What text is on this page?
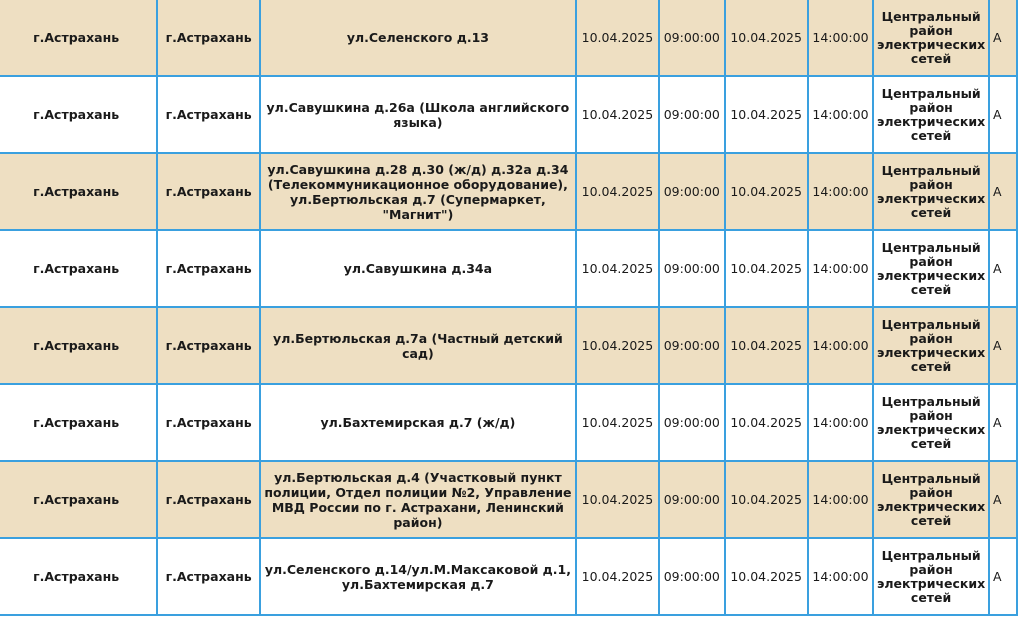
г.Астрахань	г.Астрахань	ул.Селенского д.13	10.04.2025	09:00:00	10.04.2025	14:00:00	Центральный район электрических сетей	А
г.Астрахань	г.Астрахань	ул.Савушкина д.26а (Школа английского языка)	10.04.2025	09:00:00	10.04.2025	14:00:00	Центральный район электрических сетей	А
г.Астрахань	г.Астрахань	ул.Савушкина д.28 д.30 (ж/д) д.32а д.34 (Телекоммуникационное оборудование), ул.Бертюльская д.7 (Супермаркет, "Магнит")	10.04.2025	09:00:00	10.04.2025	14:00:00	Центральный район электрических сетей	А
г.Астрахань	г.Астрахань	ул.Савушкина д.34а	10.04.2025	09:00:00	10.04.2025	14:00:00	Центральный район электрических сетей	А
г.Астрахань	г.Астрахань	ул.Бертюльская д.7а (Частный детский сад)	10.04.2025	09:00:00	10.04.2025	14:00:00	Центральный район электрических сетей	А
г.Астрахань	г.Астрахань	ул.Бахтемирская д.7 (ж/д)	10.04.2025	09:00:00	10.04.2025	14:00:00	Центральный район электрических сетей	А
г.Астрахань	г.Астрахань	ул.Бертюльская д.4 (Участковый пункт полиции, Отдел полиции №2, Управление МВД России по г. Астрахани, Ленинский район)	10.04.2025	09:00:00	10.04.2025	14:00:00	Центральный район электрических сетей	А
г.Астрахань	г.Астрахань	ул.Селенского д.14/ул.М.Максаковой д.1, ул.Бахтемирская д.7	10.04.2025	09:00:00	10.04.2025	14:00:00	Центральный район электрических сетей	А
